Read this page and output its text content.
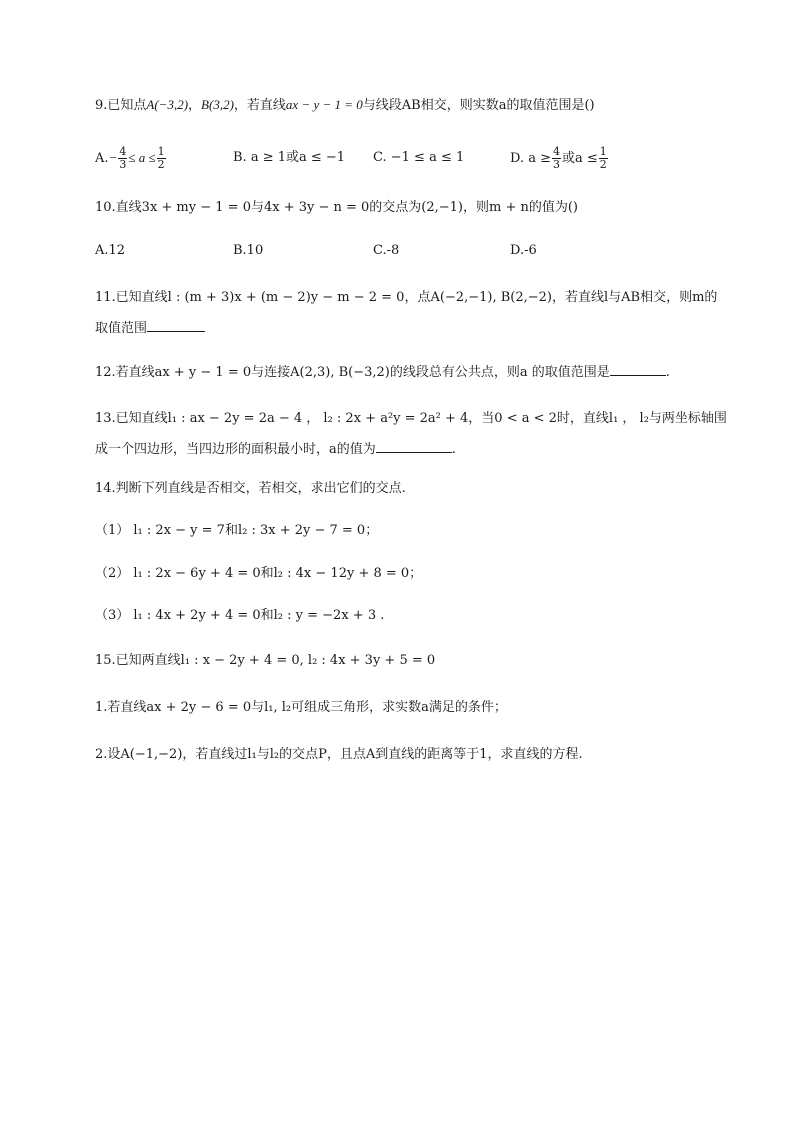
9.已知点A(−3,2)，B(3,2)，若直线ax − y − 1 = 0与线段AB相交，则实数a的取值范围是()
$A.- \frac{4}{3} \le a \le \frac{1}{2}$	B. a ≥ 1或a ≤ −1 C. −1 ≤ a ≤ 1	D. $a \ge \frac{4}{3}$ 或$a \le \frac{1}{2}$
10.直线3x + my − 1 = 0与4x + 3y − n = 0的交点为(2,−1)，则m + n的值为()
A.12	B.10	C.-8	D.-6
11.已知直线l : (m + 3)x + (m − 2)y − m − 2 = 0，点A(−2,−1), B(2,−2)，若直线l与AB相交，则m的
取值范围
12.若直线ax + y − 1 = 0与连接A(2,3), B(−3,2)的线段总有公共点，则a 的取值范围是	.
13.已知直线l₁ : ax − 2y = 2a − 4 ， l₂ : 2x + a²y = 2a² + 4，当0 < a < 2时，直线l₁ ， l₂与两坐标轴围
成一个四边形，当四边形的面积最小时，a的值为	.
14.判断下列直线是否相交，若相交，求出它们的交点.
（1） l₁ : 2x − y = 7和l₂ : 3x + 2y − 7 = 0；
（2） l₁ : 2x − 6y + 4 = 0和l₂ : 4x − 12y + 8 = 0；
（3） l₁ : 4x + 2y + 4 = 0和l₂ : y = −2x + 3 .
15.已知两直线l₁ : x − 2y + 4 = 0, l₂ : 4x + 3y + 5 = 0
1.若直线ax + 2y − 6 = 0与l₁, l₂可组成三角形，求实数a满足的条件；
2.设A(−1,−2)，若直线过l₁与l₂的交点P，且点A到直线的距离等于1，求直线的方程.
